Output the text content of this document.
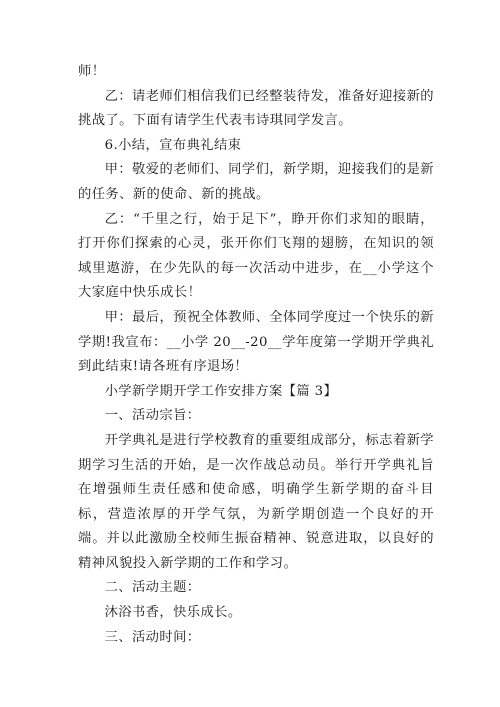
师！

乙：请老师们相信我们已经整装待发，准备好迎接新的挑战了。下面有请学生代表韦诗琪同学发言。

6.小结，宣布典礼结束

甲：敬爱的老师们、同学们，新学期，迎接我们的是新的任务、新的使命、新的挑战。

乙：“千里之行，始于足下”，睁开你们求知的眼睛，打开你们探索的心灵，张开你们飞翔的翅膀，在知识的领域里遨游，在少先队的每一次活动中进步，在__小学这个大家庭中快乐成长！

甲：最后，预祝全体教师、全体同学度过一个快乐的新学期!我宣布：__小学 20__-20__学年度第一学期开学典礼到此结束!请各班有序退场！

小学新学期开学工作安排方案【篇 3】

一、活动宗旨：

开学典礼是进行学校教育的重要组成部分，标志着新学期学习生活的开始，是一次作战总动员。举行开学典礼旨在增强师生责任感和使命感，明确学生新学期的奋斗目标，营造浓厚的开学气氛，为新学期创造一个良好的开端。并以此激励全校师生振奋精神、锐意进取，以良好的精神风貌投入新学期的工作和学习。

二、活动主题：

沐浴书香，快乐成长。

三、活动时间：
